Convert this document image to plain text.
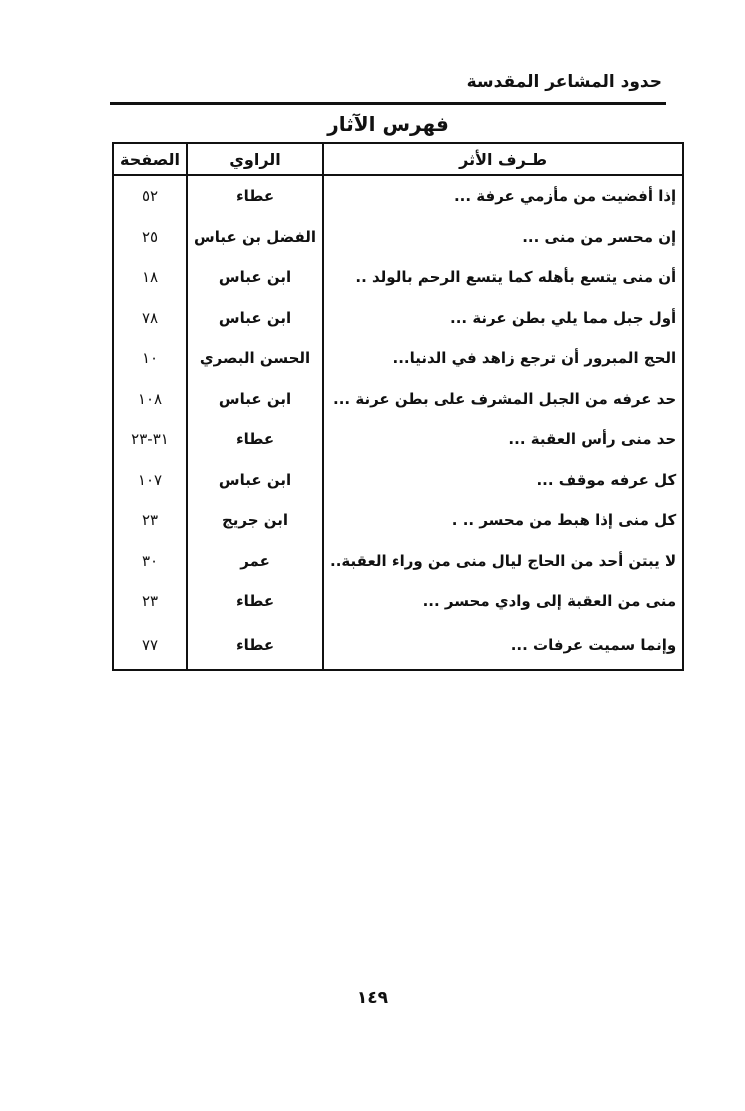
حدود المشاعر المقدسة
فهرس الآثار
طـرف الأثر	الراوي	الصفحة
إذا أفضيت من مأزمي عرفة ...	عطاء	٥٢
إن محسر من منى ...	الفضل بن عباس	٢٥
أن منى يتسع بأهله كما يتسع الرحم بالولد ..	ابن عباس	١٨
أول جبل مما يلي بطن عرنة ...	ابن عباس	٧٨
الحج المبرور أن ترجع زاهد في الدنيا...	الحسن البصري	١٠
حد عرفه من الجبل المشرف على بطن عرنة ...	ابن عباس	١٠٨
حد منى رأس العقبة ...	عطاء	٣١-٢٣
كل عرفه موقف ...	ابن عباس	١٠٧
كل منى إذا هبط من محسر .. .	ابن جريج	٢٣
لا يبتن أحد من الحاج ليال منى من وراء العقبة..	عمر	٣٠
منى من العقبة إلى وادي محسر ...	عطاء	٢٣
وإنما سميت عرفات ...	عطاء	٧٧
١٤٩
